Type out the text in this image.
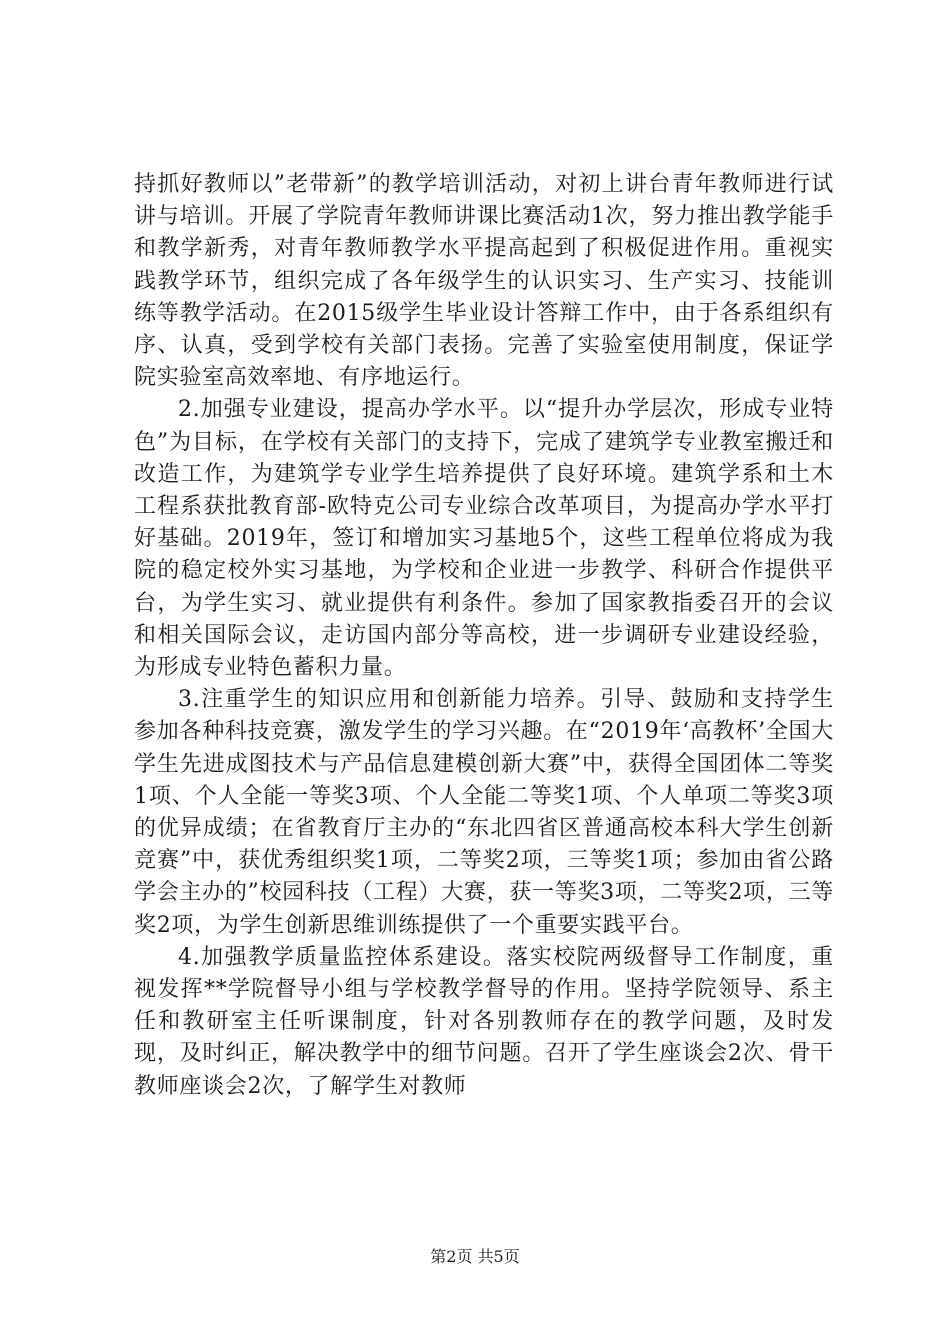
持抓好教师以”老带新”的教学培训活动，对初上讲台青年教师进行试讲与培训。开展了学院青年教师讲课比赛活动1次，努力推出教学能手和教学新秀，对青年教师教学水平提高起到了积极促进作用。重视实践教学环节，组织完成了各年级学生的认识实习、生产实习、技能训练等教学活动。在2015级学生毕业设计答辩工作中，由于各系组织有序、认真，受到学校有关部门表扬。完善了实验室使用制度，保证学院实验室高效率地、有序地运行。

2.加强专业建设，提高办学水平。以“提升办学层次，形成专业特色”为目标，在学校有关部门的支持下，完成了建筑学专业教室搬迁和改造工作，为建筑学专业学生培养提供了良好环境。建筑学系和土木工程系获批教育部-欧特克公司专业综合改革项目，为提高办学水平打好基础。2019年，签订和增加实习基地5个，这些工程单位将成为我院的稳定校外实习基地，为学校和企业进一步教学、科研合作提供平台，为学生实习、就业提供有利条件。参加了国家教指委召开的会议和相关国际会议，走访国内部分等高校，进一步调研专业建设经验，为形成专业特色蓄积力量。

3.注重学生的知识应用和创新能力培养。引导、鼓励和支持学生参加各种科技竞赛，激发学生的学习兴趣。在“2019年‘高教杯’全国大学生先进成图技术与产品信息建模创新大赛”中，获得全国团体二等奖1项、个人全能一等奖3项、个人全能二等奖1项、个人单项二等奖3项的优异成绩；在省教育厅主办的“东北四省区普通高校本科大学生创新竞赛”中，获优秀组织奖1项，二等奖2项，三等奖1项；参加由省公路学会主办的”校园科技（工程）大赛，获一等奖3项，二等奖2项，三等奖2项，为学生创新思维训练提供了一个重要实践平台。

4.加强教学质量监控体系建设。落实校院两级督导工作制度，重视发挥**学院督导小组与学校教学督导的作用。坚持学院领导、系主任和教研室主任听课制度，针对各别教师存在的教学问题，及时发现，及时纠正，解决教学中的细节问题。召开了学生座谈会2次、骨干教师座谈会2次，了解学生对教师

第2页 共5页
